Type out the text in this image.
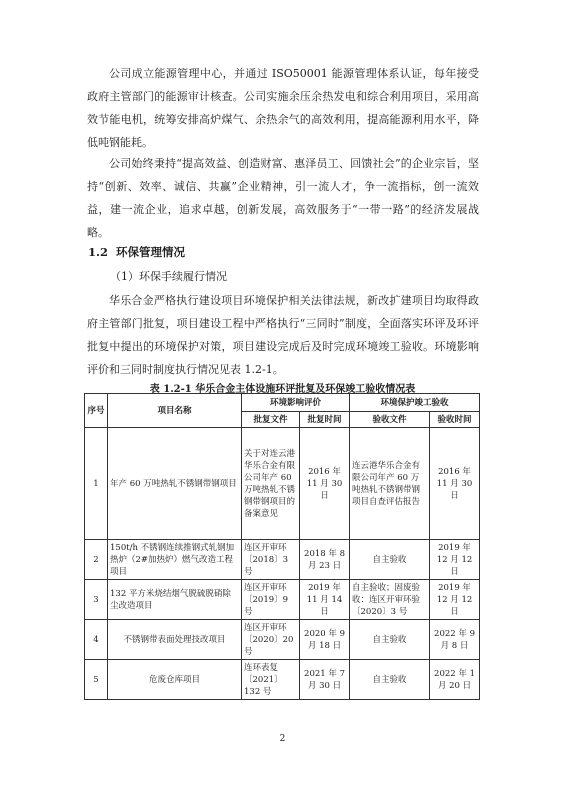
公司成立能源管理中心，并通过 ISO50001 能源管理体系认证，每年接受政府主管部门的能源审计核查。公司实施余压余热发电和综合利用项目，采用高效节能电机，统筹安排高炉煤气、余热余气的高效利用，提高能源利用水平，降低吨钢能耗。

公司始终秉持“提高效益、创造财富、惠泽员工、回馈社会”的企业宗旨，坚持“创新、效率、诚信、共赢”企业精神，引一流人才，争一流指标，创一流效益，建一流企业，追求卓越，创新发展，高效服务于“一带一路”的经济发展战略。

1.2 环保管理情况

（1）环保手续履行情况

华乐合金严格执行建设项目环境保护相关法律法规，新改扩建项目均取得政府主管部门批复，项目建设工程中严格执行“三同时”制度，全面落实环评及环评批复中提出的环境保护对策，项目建设完成后及时完成环境竣工验收。环境影响评价和三同时制度执行情况见表 1.2-1。

表 1.2-1 华乐合金主体设施环评批复及环保竣工验收情况表

序号	项目名称	环境影响评价		环境保护竣工验收	
		批复文件	批复时间	验收文件	验收时间
1	年产 60 万吨热轧不锈钢带钢项目	关于对连云港华乐合金有限公司年产 60 万吨热轧不锈钢带钢项目的备案意见	2016 年 11 月 30 日	连云港华乐合金有限公司年产 60 万吨热轧不锈钢带钢项目自查评估报告	2016 年 11 月 30 日
2	150t/h 不锈钢连续推钢式轧钢加热炉（2#加热炉）燃气改造工程项目	连区开审环〔2018〕3 号	2018 年 8 月 23 日	自主验收	2019 年 12 月 12 日
3	132 平方米烧结烟气脱硫脱硝除尘改造项目	连区开审环〔2019〕9 号	2019 年 11 月 14 日	自主验收；固废验收：连区开审环验〔2020〕3 号	2019 年 12 月 12 日
4	不锈钢带表面处理技改项目	连区开审环〔2020〕20 号	2020 年 9 月 18 日	自主验收	2022 年 9 月 8 日
5	危废仓库项目	连环表复〔2021〕132 号	2021 年 7 月 30 日	自主验收	2022 年 1 月 20 日

2
